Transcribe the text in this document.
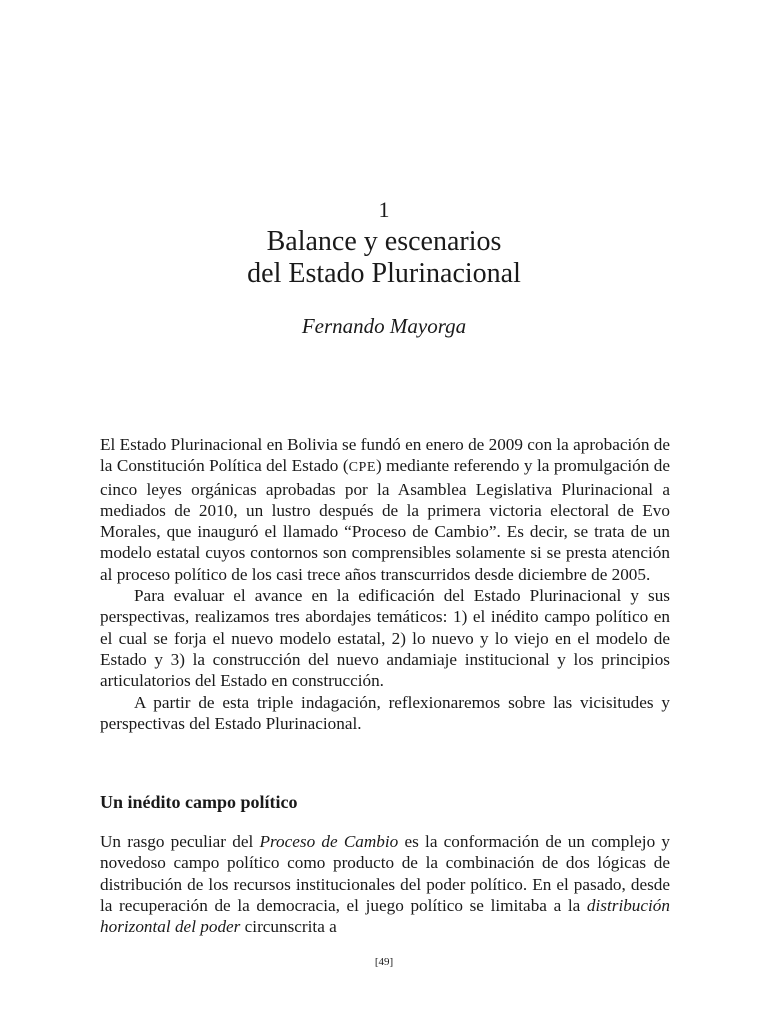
1
Balance y escenarios
del Estado Plurinacional
Fernando Mayorga

El Estado Plurinacional en Bolivia se fundó en enero de 2009 con la aprobación de la Constitución Política del Estado (CPE) mediante referendo y la promulgación de cinco leyes orgánicas aprobadas por la Asamblea Legislativa Plurinacional a mediados de 2010, un lustro después de la primera victoria electoral de Evo Morales, que inauguró el llamado “Proceso de Cambio”. Es decir, se trata de un modelo estatal cuyos contornos son comprensibles solamente si se presta atención al proceso político de los casi trece años transcurridos desde diciembre de 2005.

Para evaluar el avance en la edificación del Estado Plurinacional y sus perspectivas, realizamos tres abordajes temáticos: 1) el inédito campo político en el cual se forja el nuevo modelo estatal, 2) lo nuevo y lo viejo en el modelo de Estado y 3) la construcción del nuevo andamiaje institucional y los principios articulatorios del Estado en construcción.

A partir de esta triple indagación, reflexionaremos sobre las vicisitudes y perspectivas del Estado Plurinacional.

Un inédito campo político

Un rasgo peculiar del Proceso de Cambio es la conformación de un complejo y novedoso campo político como producto de la combinación de dos lógicas de distribución de los recursos institucionales del poder político. En el pasado, desde la recuperación de la democracia, el juego político se limitaba a la distribución horizontal del poder circunscrita a

[49]
